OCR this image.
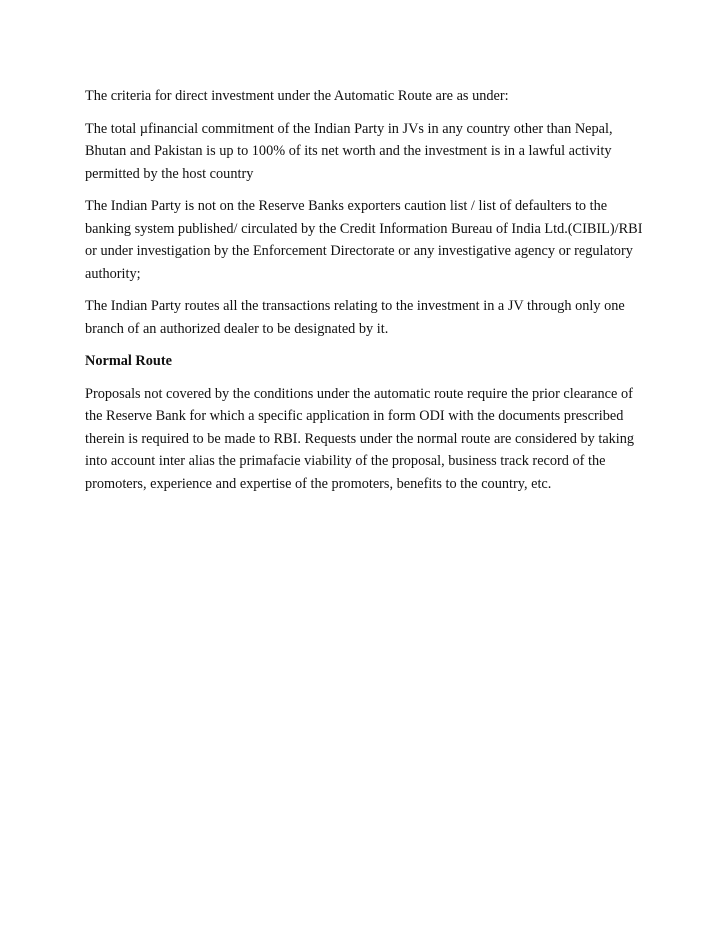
The criteria for direct investment under the Automatic Route are as under:

The total µfinancial commitment of the Indian Party in JVs in any country other than Nepal, Bhutan and Pakistan is up to 100% of its net worth and the investment is in a lawful activity permitted by the host country

The Indian Party is not on the Reserve Banks exporters caution list / list of defaulters to the banking system published/ circulated by the Credit Information Bureau of India Ltd.(CIBIL)/RBI or under investigation by the Enforcement Directorate or any investigative agency or regulatory authority;

The Indian Party routes all the transactions relating to the investment in a JV through only one branch of an authorized dealer to be designated by it.

Normal Route

Proposals not covered by the conditions under the automatic route require the prior clearance of the Reserve Bank for which a specific application in form ODI with the documents prescribed therein is required to be made to RBI. Requests under the normal route are considered by taking into account inter alias the primafacie viability of the proposal, business track record of the promoters, experience and expertise of the promoters, benefits to the country, etc.
